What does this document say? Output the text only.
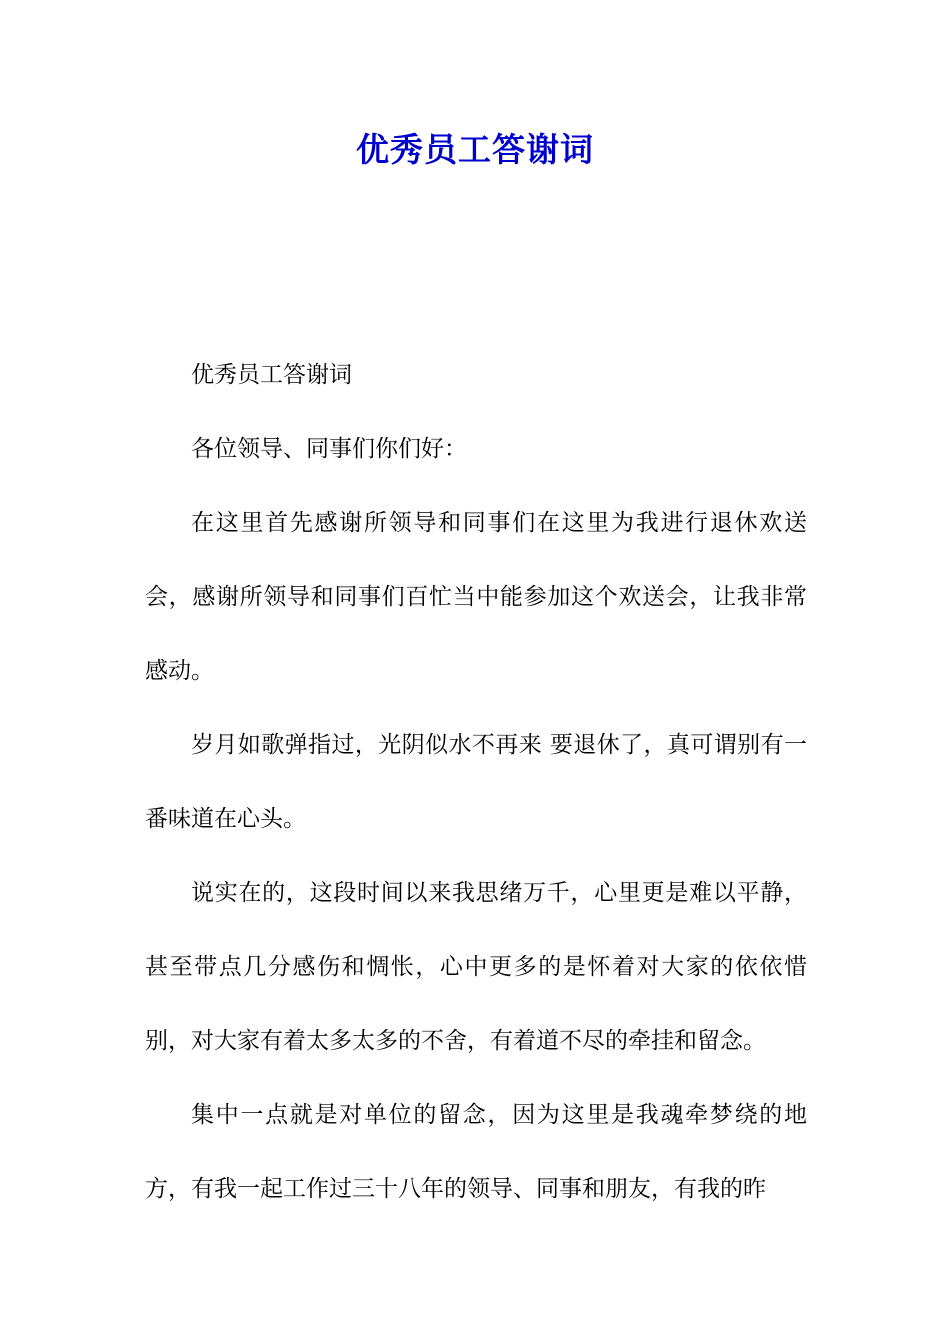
优秀员工答谢词

优秀员工答谢词

各位领导、同事们你们好：

在这里首先感谢所领导和同事们在这里为我进行退休欢送会，感谢所领导和同事们百忙当中能参加这个欢送会，让我非常感动。

岁月如歌弹指过，光阴似水不再来 要退休了，真可谓别有一番味道在心头。

说实在的，这段时间以来我思绪万千，心里更是难以平静，甚至带点几分感伤和惆怅，心中更多的是怀着对大家的依依惜别，对大家有着太多太多的不舍，有着道不尽的牵挂和留念。

集中一点就是对单位的留念，因为这里是我魂牵梦绕的地方，有我一起工作过三十八年的领导、同事和朋友，有我的昨
